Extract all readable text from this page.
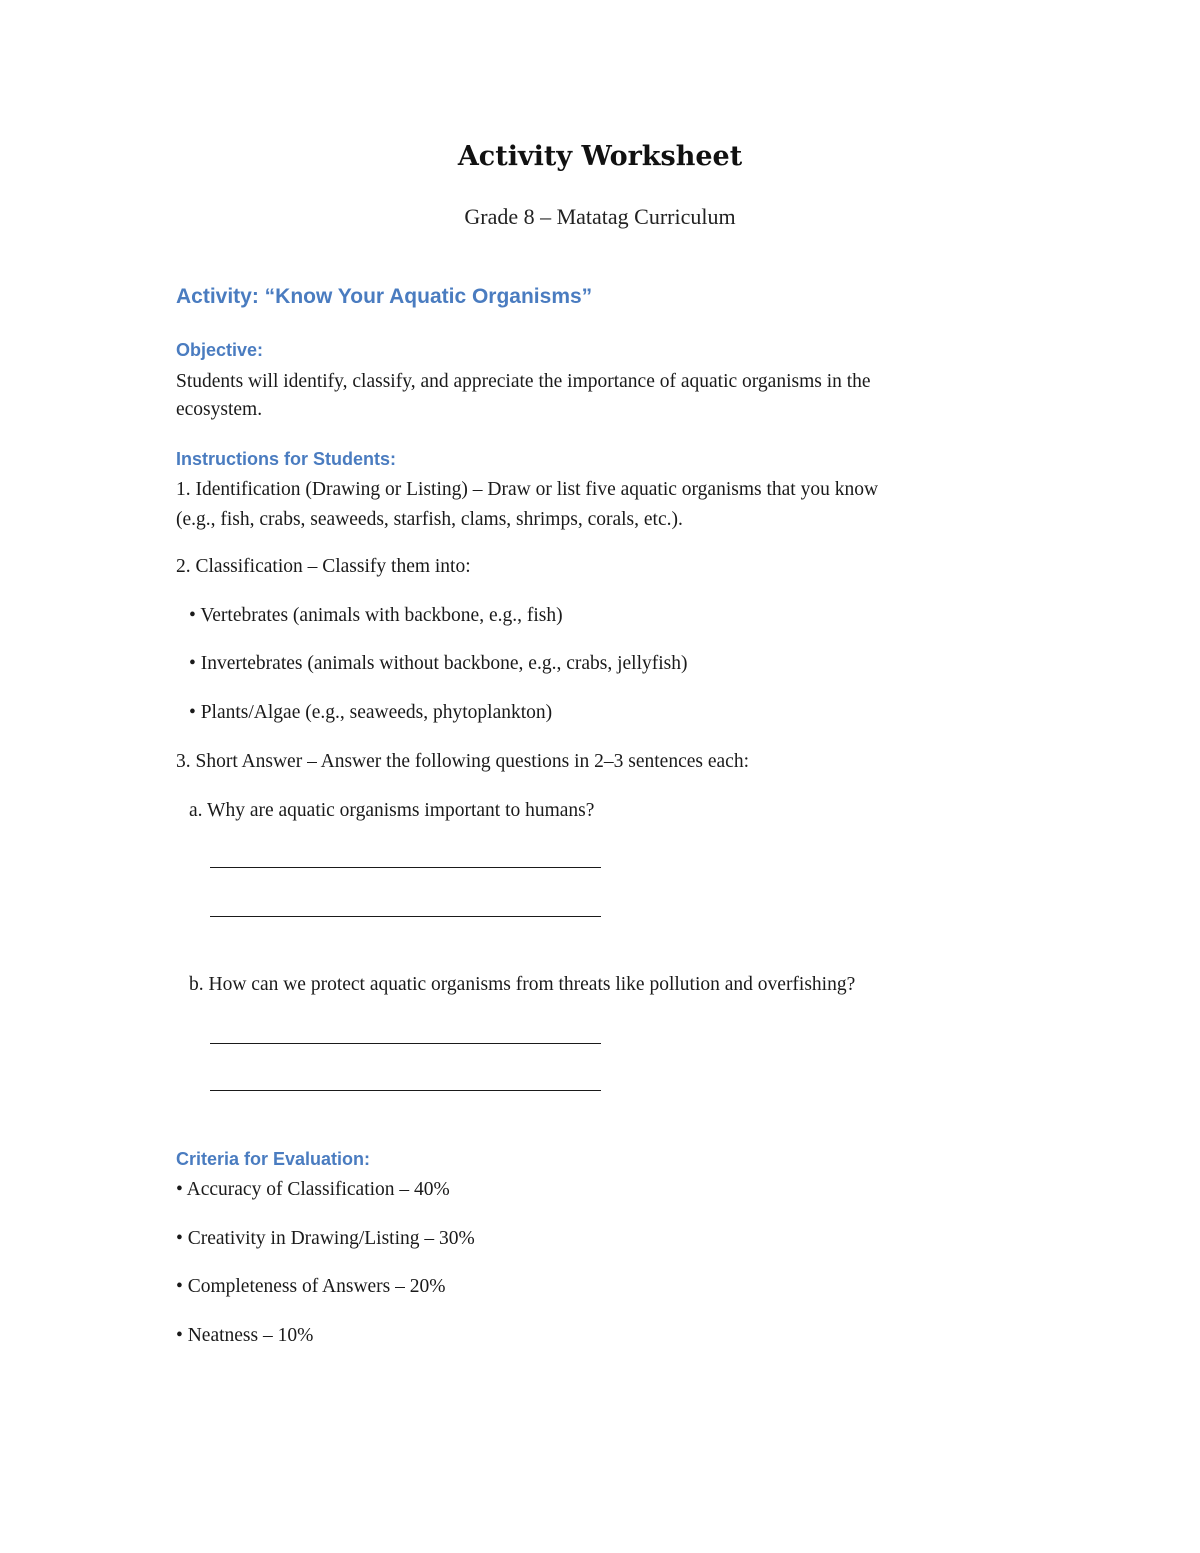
Activity Worksheet
Grade 8 – Matatag Curriculum
Activity: “Know Your Aquatic Organisms”
Objective:
Students will identify, classify, and appreciate the importance of aquatic organisms in the
ecosystem.
Instructions for Students:
1. Identification (Drawing or Listing) – Draw or list five aquatic organisms that you know
(e.g., fish, crabs, seaweeds, starfish, clams, shrimps, corals, etc.).
2. Classification – Classify them into:
• Vertebrates (animals with backbone, e.g., fish)
• Invertebrates (animals without backbone, e.g., crabs, jellyfish)
• Plants/Algae (e.g., seaweeds, phytoplankton)
3. Short Answer – Answer the following questions in 2–3 sentences each:
a. Why are aquatic organisms important to humans?
b. How can we protect aquatic organisms from threats like pollution and overfishing?
Criteria for Evaluation:
• Accuracy of Classification – 40%
• Creativity in Drawing/Listing – 30%
• Completeness of Answers – 20%
• Neatness – 10%
